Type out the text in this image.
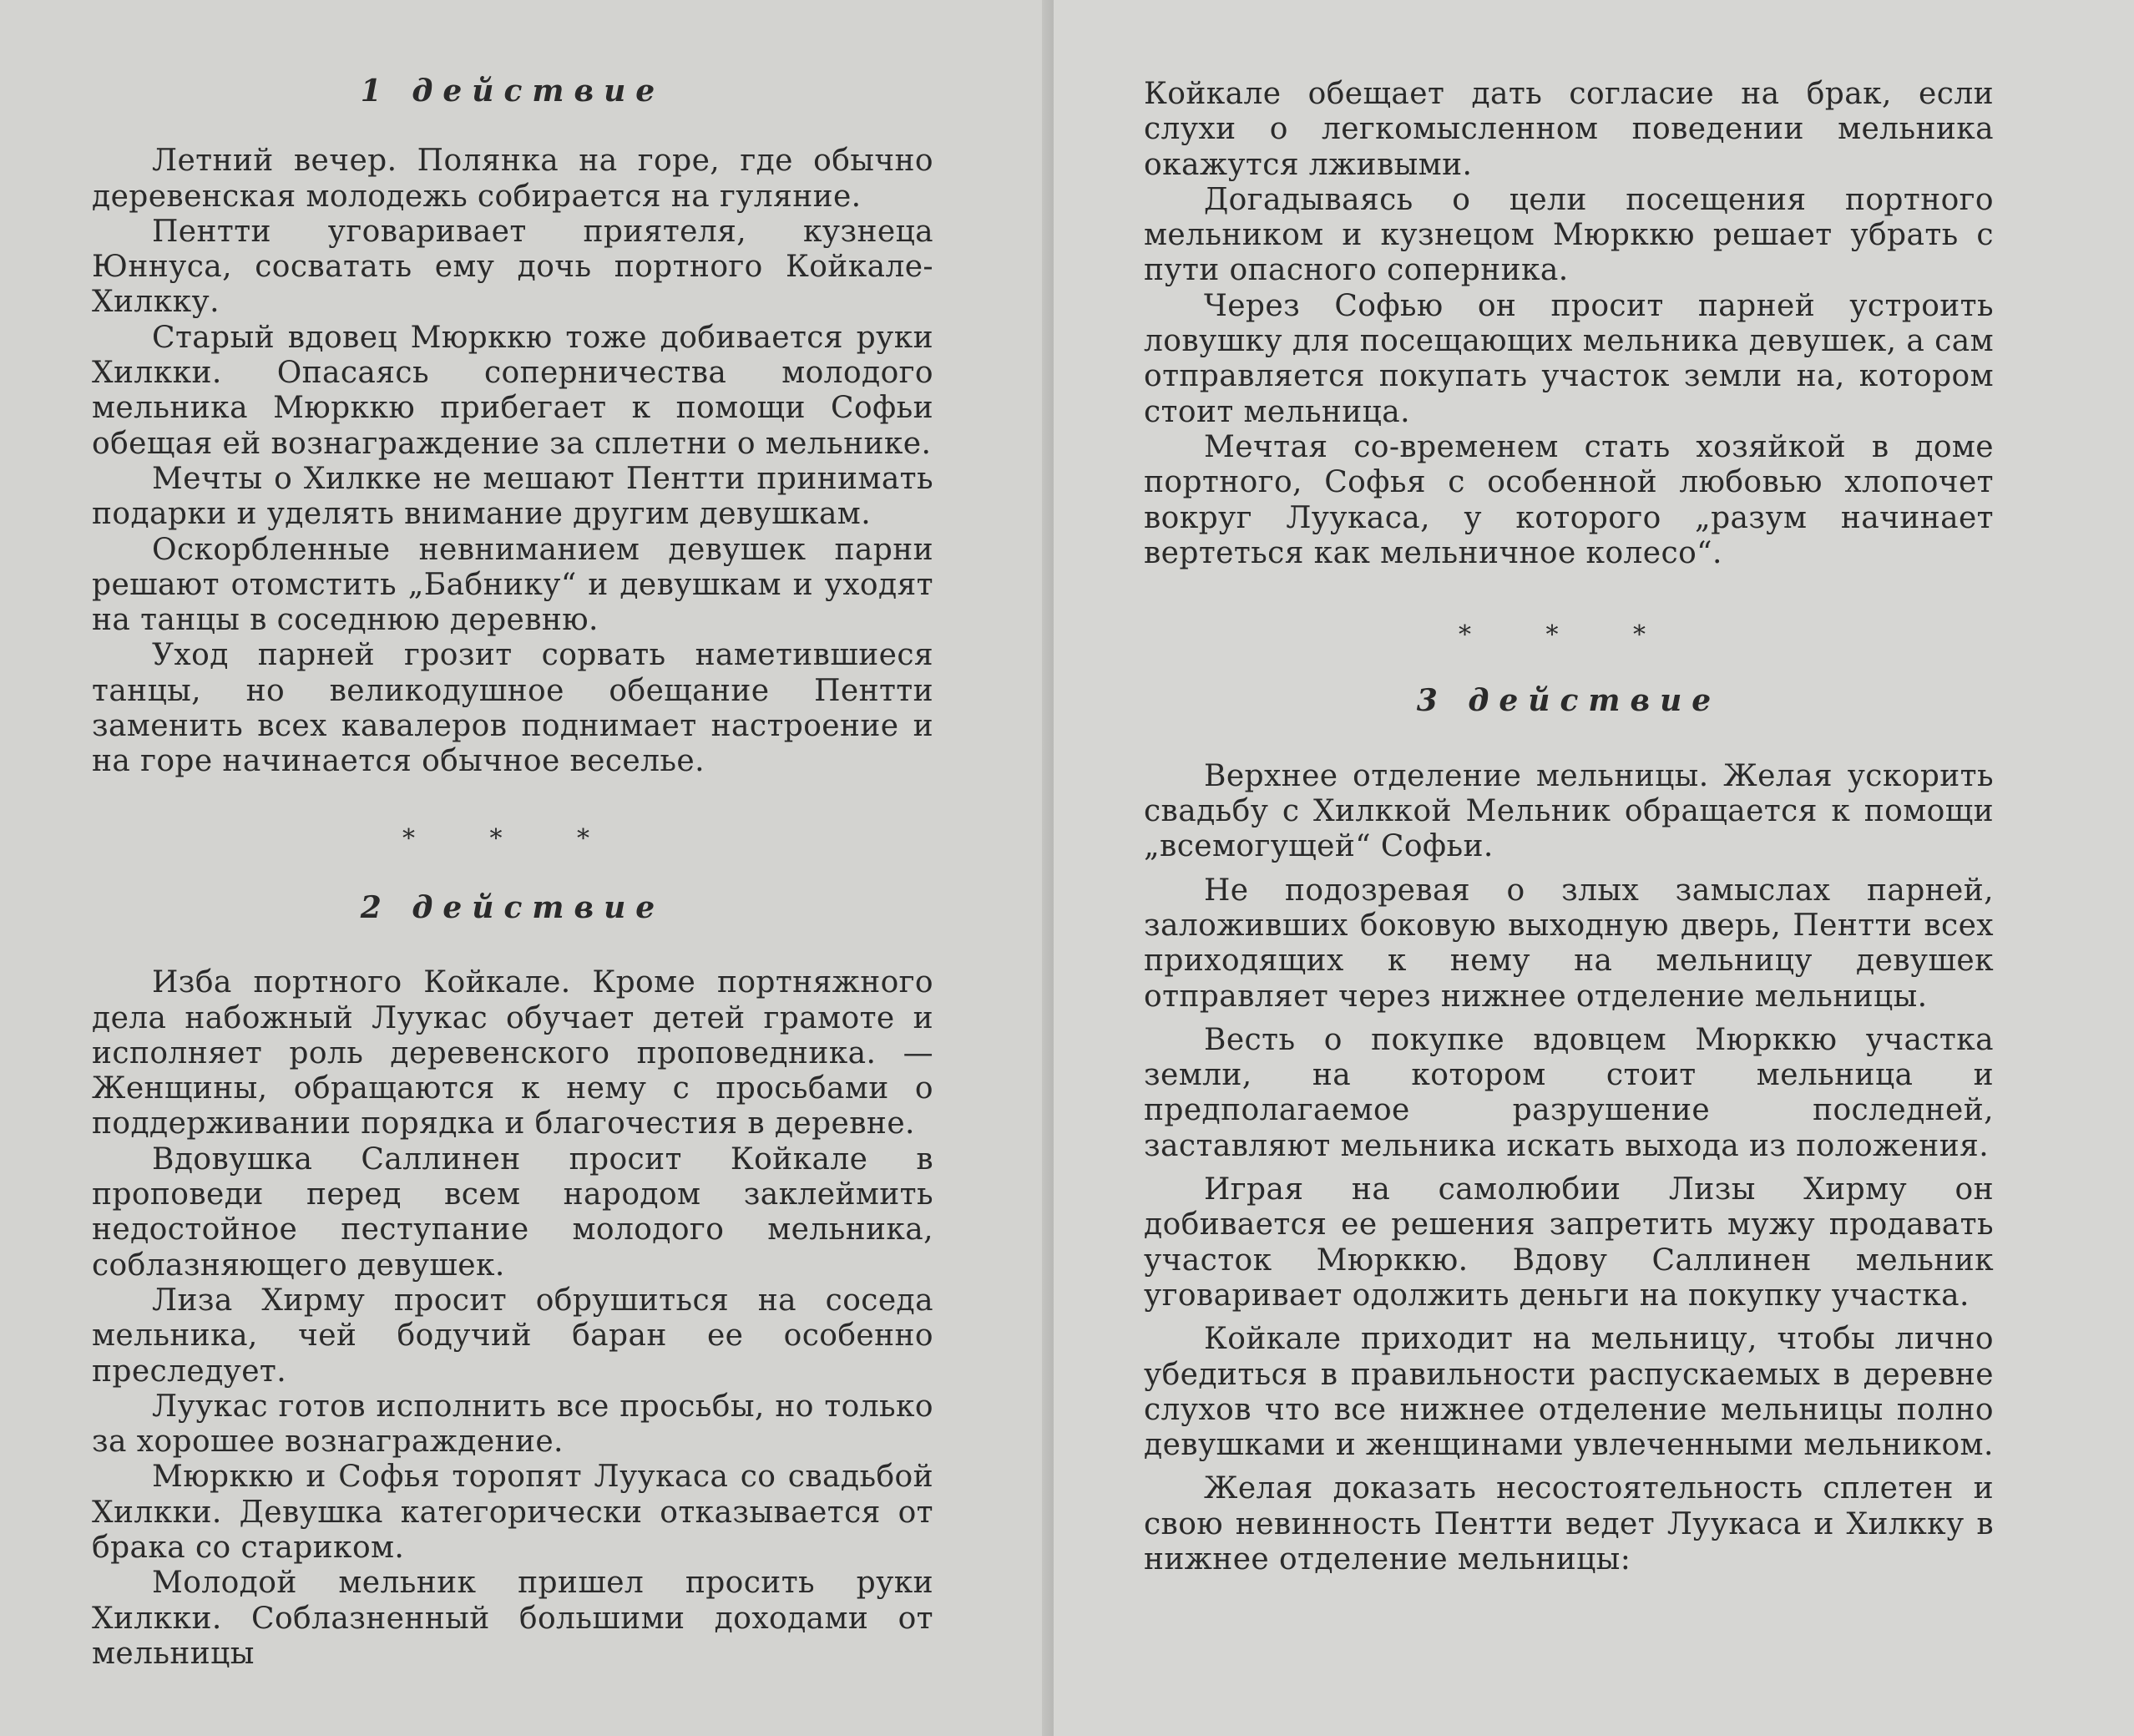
1 действие

Летний вечер. Полянка на горе, где обычно деревенская молодежь собирается на гуляние.

Пентти уговаривает приятеля, кузнеца Юннуса, сосватать ему дочь портного Койкале-Хилкку.

Старый вдовец Мюрккю тоже добивается руки Хилкки. Опасаясь соперничества молодого мельника Мюрккю прибегает к помощи Софьи обещая ей вознаграждение за сплетни о мельнике.

Мечты о Хилкке не мешают Пентти принимать подарки и уделять внимание другим девушкам.

Оскорбленные невниманием девушек парни решают отомстить „Бабнику“ и девушкам и уходят на танцы в соседнюю деревню.

Уход парней грозит сорвать наметившиеся танцы, но великодушное обещание Пентти заменить всех кавалеров поднимает настроение и на горе начинается обычное веселье.

* * *
2 действие

Изба портного Койкале. Кроме портняжного дела набожный Луукас обучает детей грамоте и исполняет роль деревенского проповедника. — Женщины, обращаются к нему с просьбами о поддерживании порядка и благочестия в деревне.

Вдовушка Саллинен просит Койкале в проповеди перед всем народом заклеймить недостойное пеступание молодого мельника, соблазняющего девушек.

Лиза Хирму просит обрушиться на соседа мельника, чей бодучий баран ее особенно преследует.

Луукас готов исполнить все просьбы, но только за хорошее вознаграждение.

Мюрккю и Софья торопят Луукаса со свадьбой Хилкки. Девушка категорически отказывается от брака со стариком.

Молодой мельник пришел просить руки Хилкки. Соблазненный большими доходами от мельницы

Койкале обещает дать согласие на брак, если слухи о легкомысленном поведении мельника окажутся лживыми.

Догадываясь о цели посещения портного мельником и кузнецом Мюрккю решает убрать с пути опасного соперника.

Через Софью он просит парней устроить ловушку для посещающих мельника девушек, а сам отправляется покупать участок земли на, котором стоит мельница.

Мечтая со-временем стать хозяйкой в доме портного, Софья с особенной любовью хлопочет вокруг Луукаса, у которого „разум начинает вертеться как мельничное колесо“.

* * *
3 действие

Верхнее отделение мельницы. Желая ускорить свадьбу с Хилккой Мельник обращается к помощи „всемогущей“ Софьи.

Не подозревая о злых замыслах парней, заложивших боковую выходную дверь, Пентти всех приходящих к нему на мельницу девушек отправляет через нижнее отделение мельницы.

Весть о покупке вдовцем Мюрккю участка земли, на котором стоит мельница и предполагаемое разрушение последней, заставляют мельника искать выхода из положения.

Играя на самолюбии Лизы Хирму он добивается ее решения запретить мужу продавать участок Мюрккю. Вдову Саллинен мельник уговаривает одолжить деньги на покупку участка.

Койкале приходит на мельницу, чтобы лично убедиться в правильности распускаемых в деревне слухов что все нижнее отделение мельницы полно девушками и женщинами увлеченными мельником.

Желая доказать несостоятельность сплетен и свою невинность Пентти ведет Луукаса и Хилкку в нижнее отделение мельницы:
